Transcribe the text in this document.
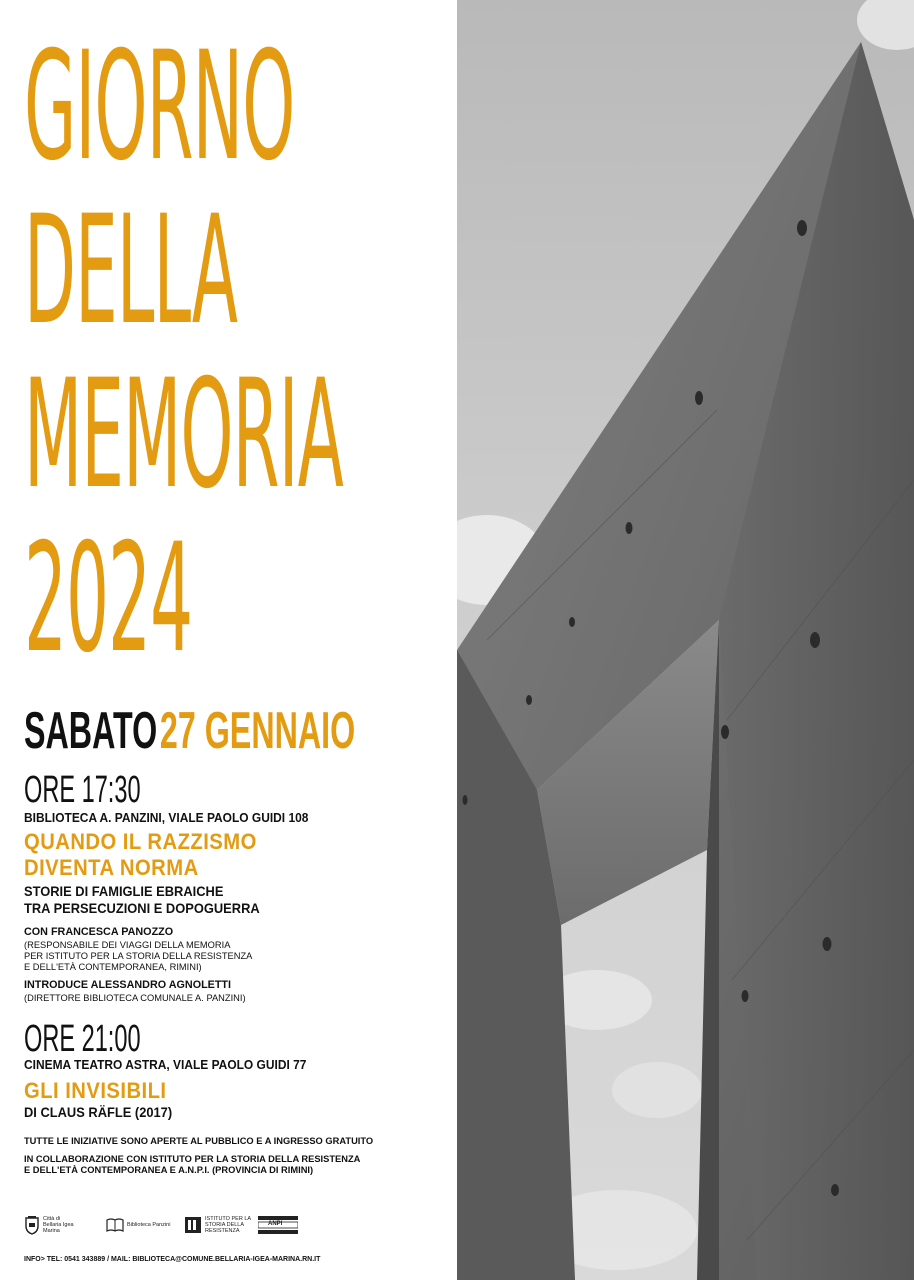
GIORNO
DELLA
MEMORIA
2024
SABATO 27 GENNAIO
ORE 17:30
BIBLIOTECA A. PANZINI, VIALE PAOLO GUIDI 108
QUANDO IL RAZZISMO
DIVENTA NORMA
STORIE DI FAMIGLIE EBRAICHE
TRA PERSECUZIONI E DOPOGUERRA
CON FRANCESCA PANOZZO
(RESPONSABILE DEI VIAGGI DELLA MEMORIA
PER ISTITUTO PER LA STORIA DELLA RESISTENZA
E DELL'ETÀ CONTEMPORANEA, RIMINI)
INTRODUCE ALESSANDRO AGNOLETTI
(DIRETTORE BIBLIOTECA COMUNALE A. PANZINI)
ORE 21:00
CINEMA TEATRO ASTRA, VIALE PAOLO GUIDI 77
GLI INVISIBILI
DI CLAUS RÄFLE (2017)
TUTTE LE INIZIATIVE SONO APERTE AL PUBBLICO E A INGRESSO GRATUITO
IN COLLABORAZIONE CON ISTITUTO PER LA STORIA DELLA RESISTENZA
E DELL'ETÀ CONTEMPORANEA E A.N.P.I. (PROVINCIA DI RIMINI)
Città di Bellaria Igea Marina
Biblioteca Panzini
ISTITUTO PER LA STORIA DELLA RESISTENZA
ANPI
INFO> TEL: 0541 343889 / MAIL: BIBLIOTECA@COMUNE.BELLARIA-IGEA-MARINA.RN.IT
